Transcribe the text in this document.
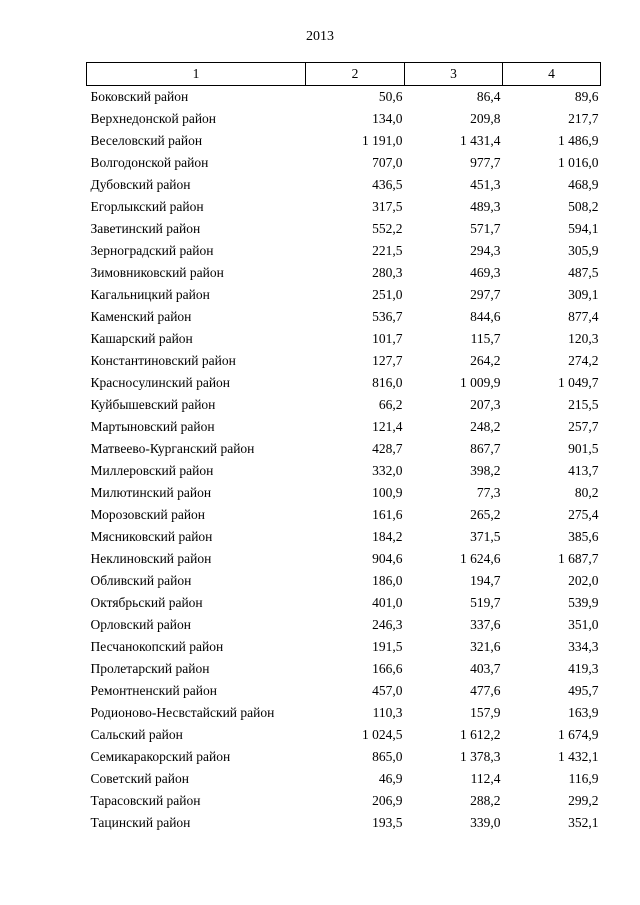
2013
1	2	3	4
Боковский район	50,6	86,4	89,6
Верхнедонской район	134,0	209,8	217,7
Веселовский район	1 191,0	1 431,4	1 486,9
Волгодонской район	707,0	977,7	1 016,0
Дубовский район	436,5	451,3	468,9
Егорлыкский район	317,5	489,3	508,2
Заветинский район	552,2	571,7	594,1
Зерноградский район	221,5	294,3	305,9
Зимовниковский район	280,3	469,3	487,5
Кагальницкий район	251,0	297,7	309,1
Каменский район	536,7	844,6	877,4
Кашарский район	101,7	115,7	120,3
Константиновский район	127,7	264,2	274,2
Красносулинский район	816,0	1 009,9	1 049,7
Куйбышевский район	66,2	207,3	215,5
Мартыновский район	121,4	248,2	257,7
Матвеево-Курганский район	428,7	867,7	901,5
Миллеровский район	332,0	398,2	413,7
Милютинский район	100,9	77,3	80,2
Морозовский район	161,6	265,2	275,4
Мясниковский район	184,2	371,5	385,6
Неклиновский район	904,6	1 624,6	1 687,7
Обливский район	186,0	194,7	202,0
Октябрьский район	401,0	519,7	539,9
Орловский район	246,3	337,6	351,0
Песчанокопский район	191,5	321,6	334,3
Пролетарский район	166,6	403,7	419,3
Ремонтненский район	457,0	477,6	495,7
Родионово-Несвстайский район	110,3	157,9	163,9
Сальский район	1 024,5	1 612,2	1 674,9
Семикаракорский район	865,0	1 378,3	1 432,1
Советский район	46,9	112,4	116,9
Тарасовский район	206,9	288,2	299,2
Тацинский район	193,5	339,0	352,1
